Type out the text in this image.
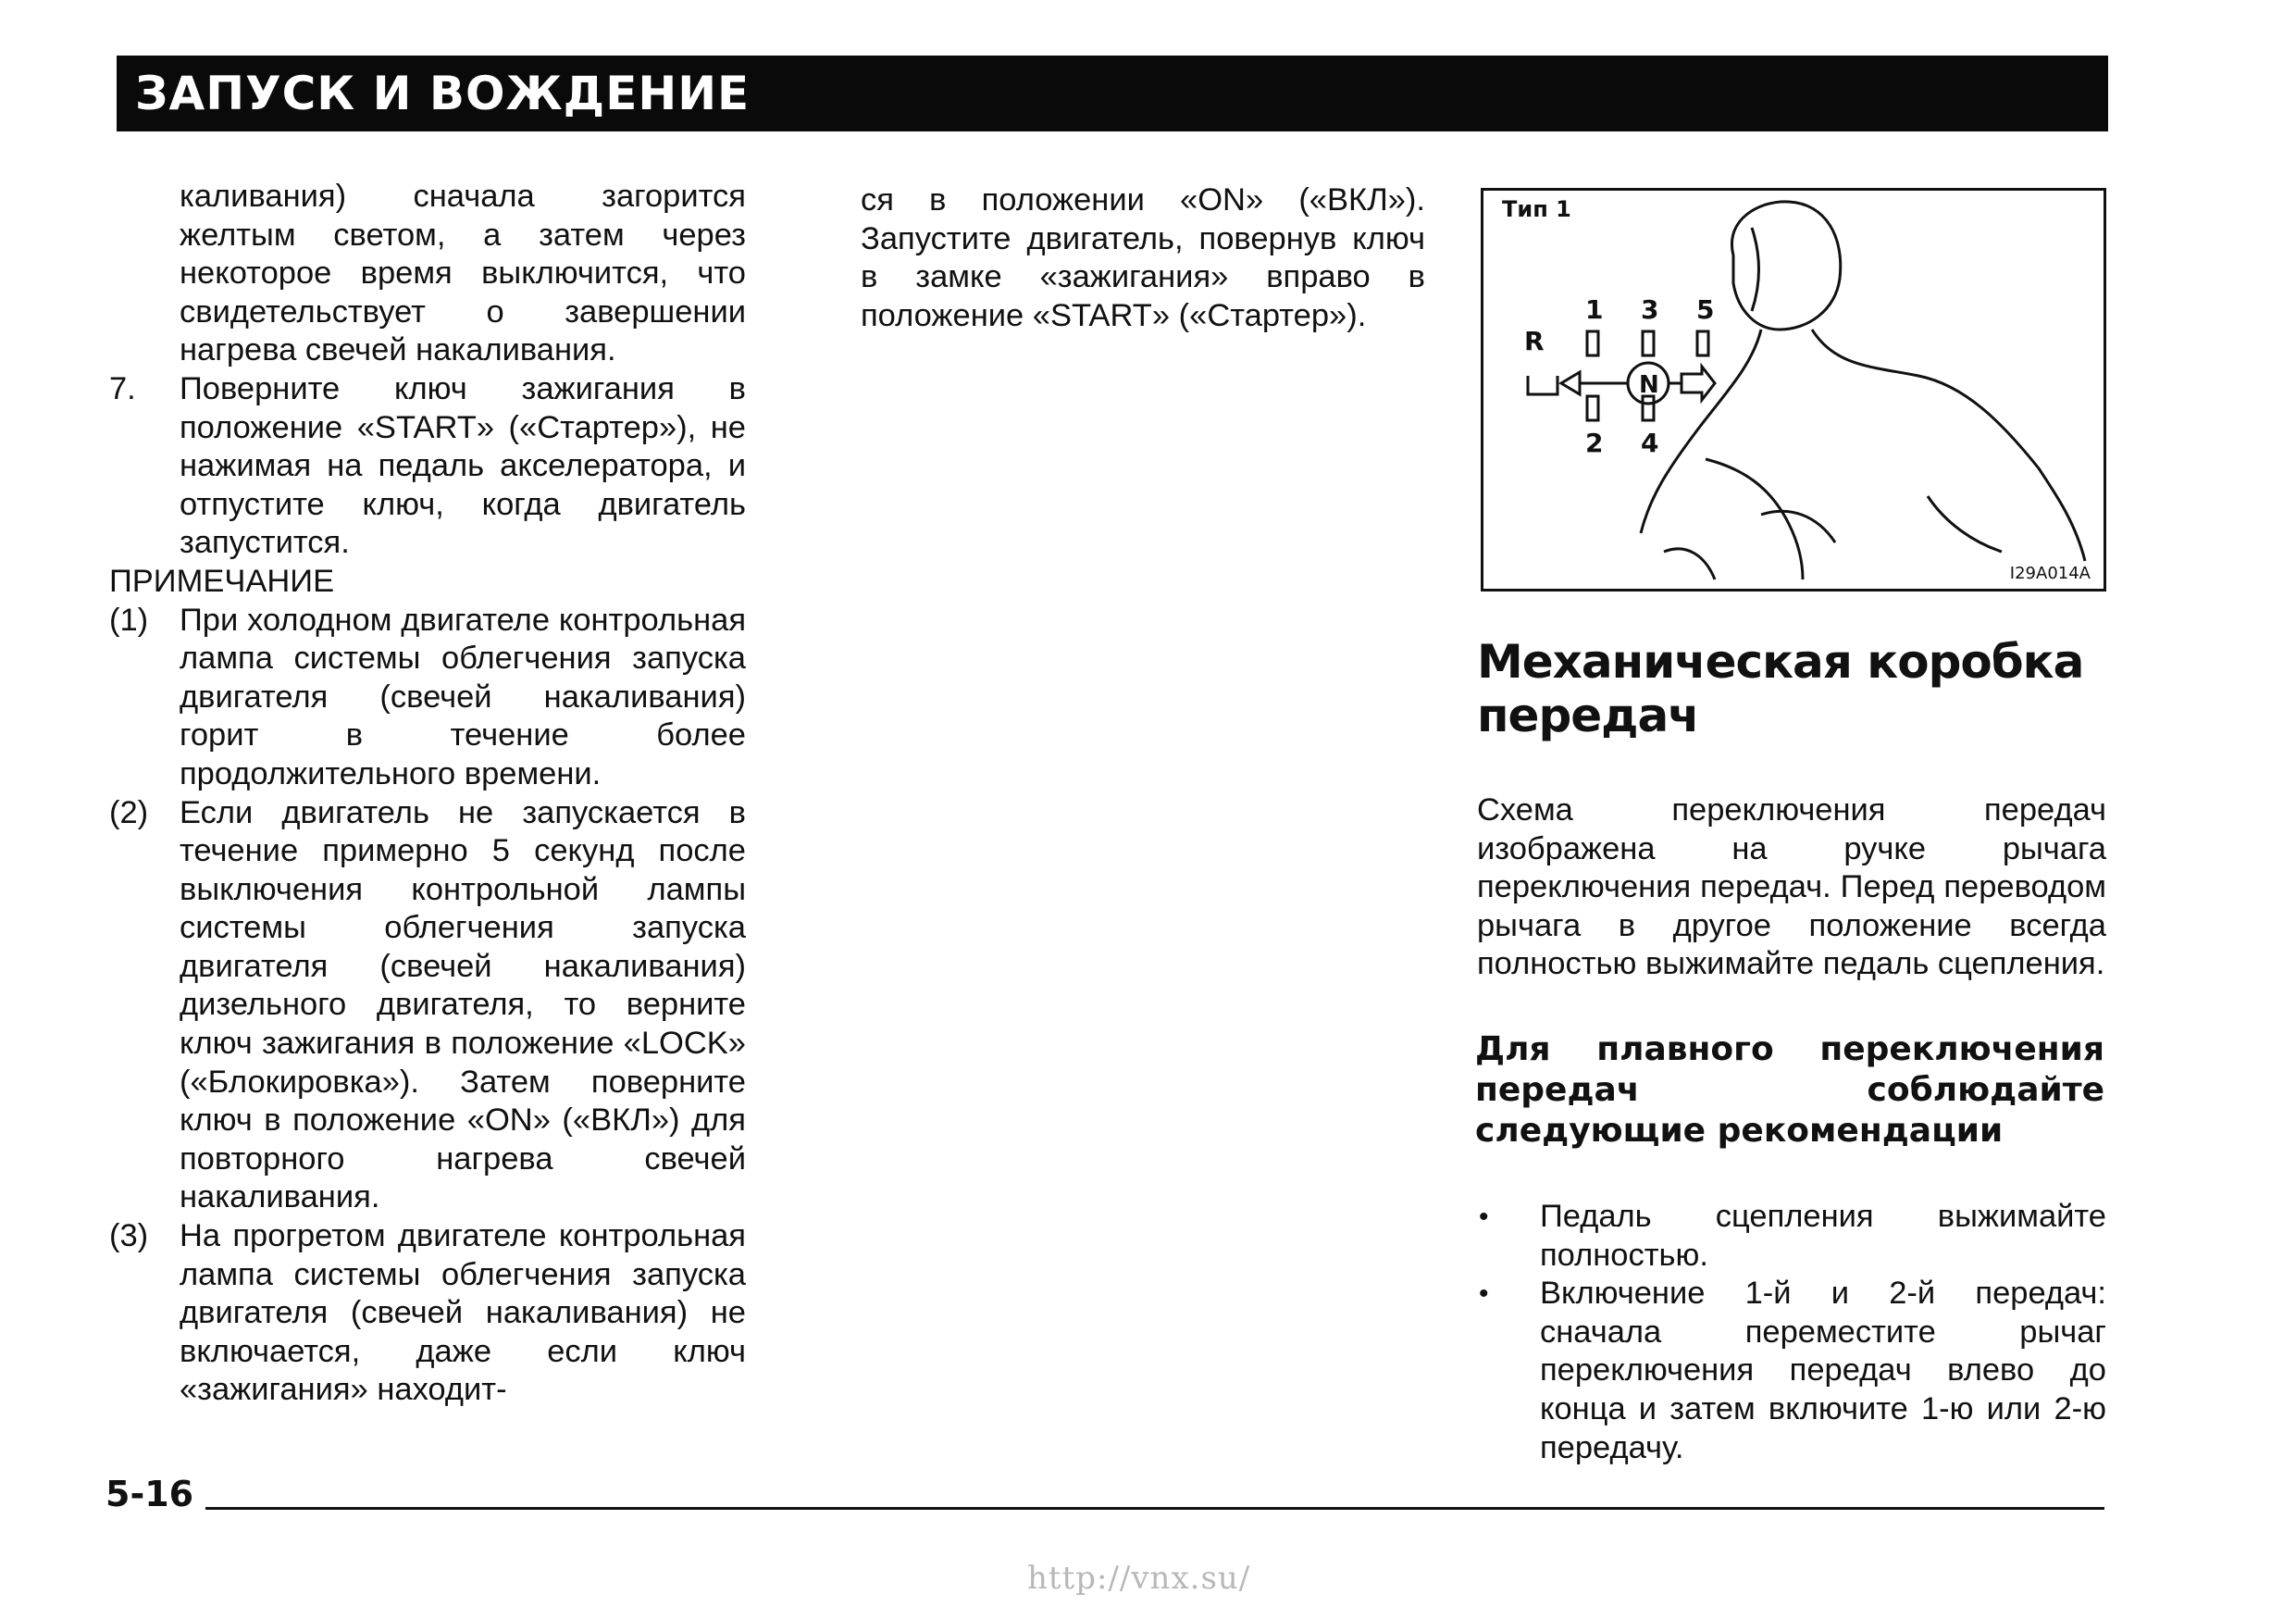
ЗАПУСК И ВОЖДЕНИЕ

каливания) сначала загорится желтым светом, а затем через некоторое время выключится, что свидетельствует о завершении нагрева свечей накаливания.

7.	Поверните ключ зажигания в положение «START» («Стартер»), не нажимая на педаль акселератора, и отпустите ключ, когда двигатель запустится.

ПРИМЕЧАНИЕ

(1) При холодном двигателе контрольная лампа системы облегчения запуска двигателя (свечей накаливания) горит в течение более продолжительного времени.
(2) Если двигатель не запускается в течение примерно 5 секунд после выключения контрольной лампы системы облегчения запуска двигателя (свечей накаливания) дизельного двигателя, то верните ключ зажигания в положение «LOCK» («Блокировка»). Затем поверните ключ в положение «ON» («ВКЛ») для повторного нагрева свечей накаливания.
(3) На прогретом двигателе контрольная лампа системы облегчения запуска двигателя (свечей накаливания) не включается, даже если ключ «зажигания» находит-

ся в положении «ON» («ВКЛ»). Запустите двигатель, повернув ключ в замке «зажигания» вправо в положение «START» («Стартер»).

R
1 3 5
2 4
N
Тип 1
I29A014A
Механическая коробка передач
Схема переключения передач изображена на ручке рычага переключения передач. Перед переводом рычага в другое положение всегда полностью выжимайте педаль сцепления.
Для плавного переключения передач соблюдайте следующие рекомендации
•	Педаль сцепления выжимайте полностью.
•	Включение 1-й и 2-й передач: сначала переместите рычаг переключения передач влево до конца и затем включите 1-ю или 2-ю передачу.
5-16
http://vnx.su/
